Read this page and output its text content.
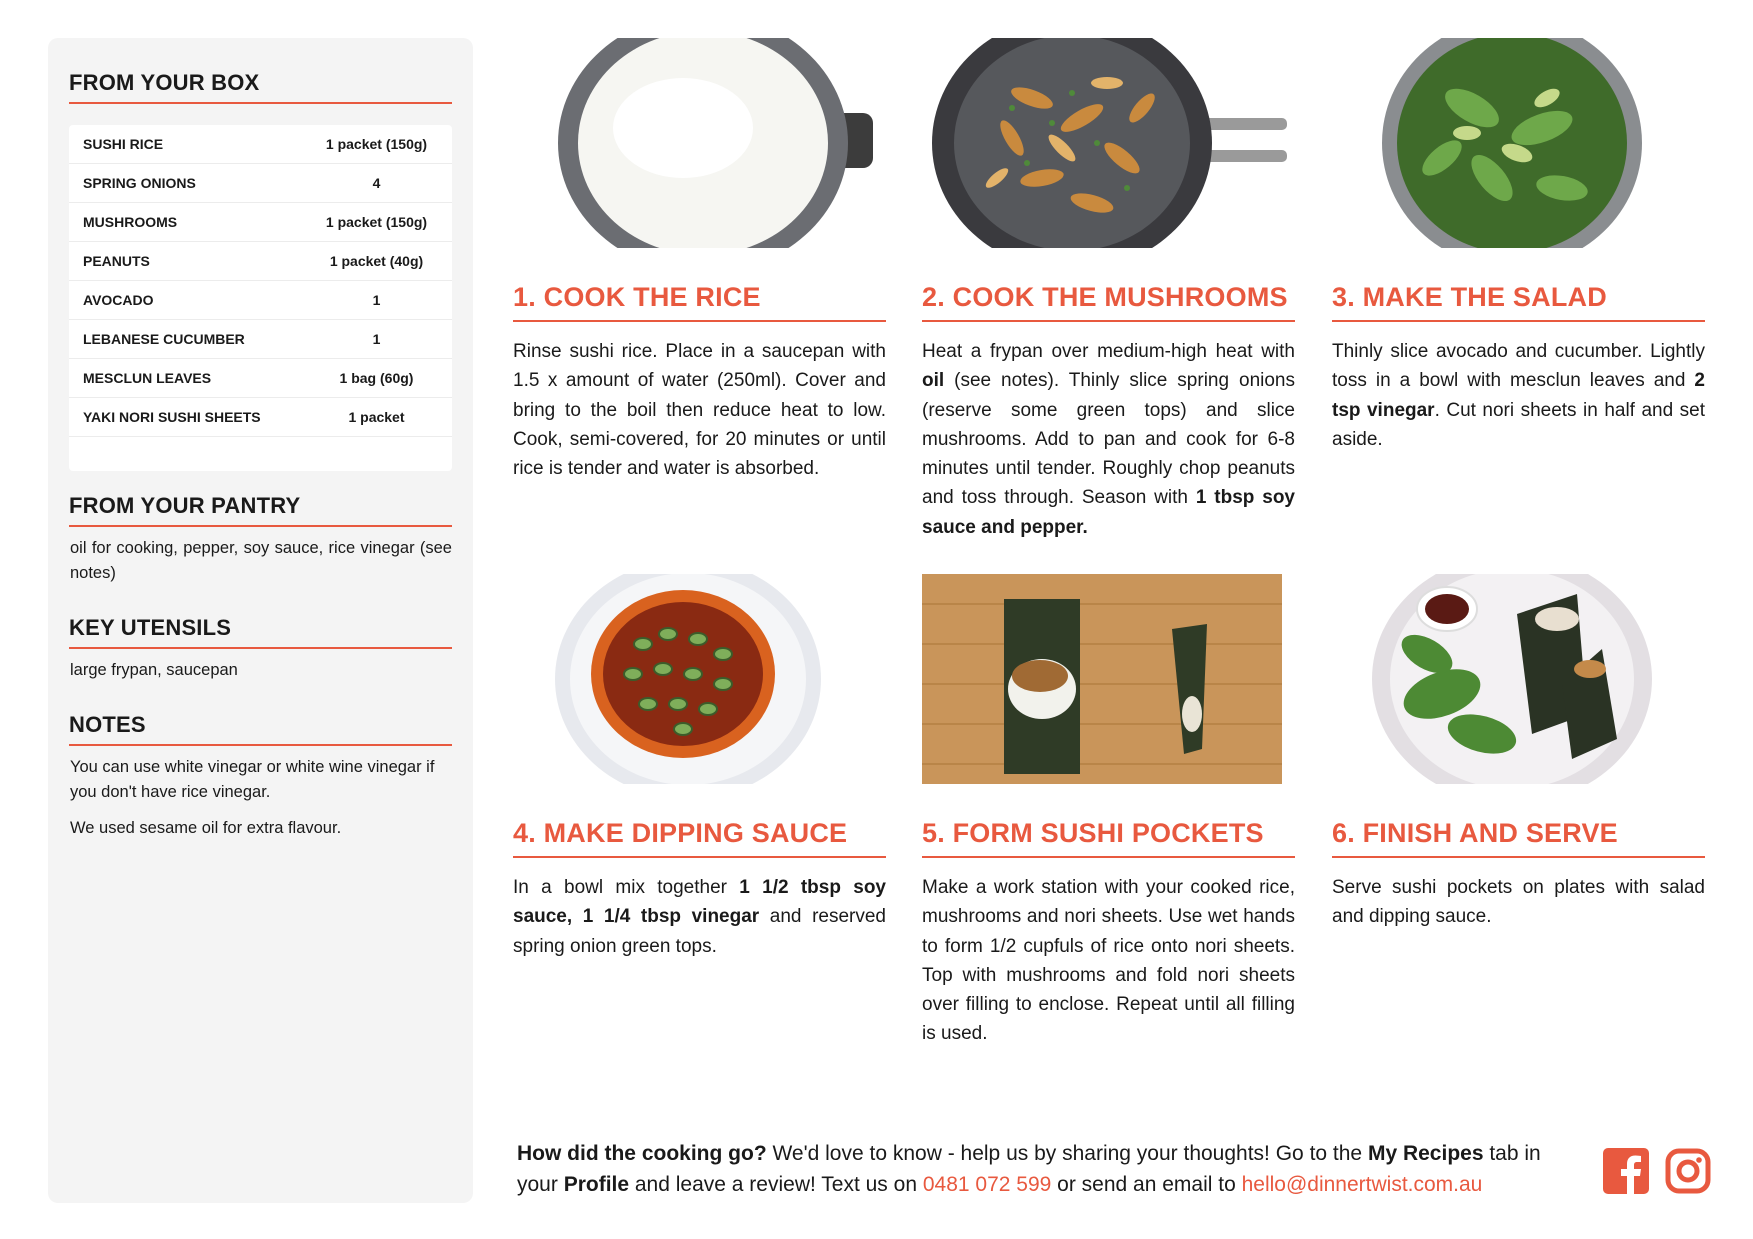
FROM YOUR BOX
SUSHI RICE	1 packet (150g)
SPRING ONIONS	4
MUSHROOMS	1 packet (150g)
PEANUTS	1 packet (40g)
AVOCADO	1
LEBANESE CUCUMBER	1
MESCLUN LEAVES	1 bag (60g)
YAKI NORI SUSHI SHEETS	1 packet
FROM YOUR PANTRY
oil for cooking, pepper, soy sauce, rice vinegar (see notes)
KEY UTENSILS
large frypan, saucepan
NOTES
You can use white vinegar or white wine vinegar if you don't have rice vinegar.
We used sesame oil for extra flavour.
1. COOK THE RICE
Rinse sushi rice. Place in a saucepan with 1.5 x amount of water (250ml). Cover and bring to the boil then reduce heat to low. Cook, semi-covered, for 20 minutes or until rice is tender and water is absorbed.
2. COOK THE MUSHROOMS
Heat a frypan over medium-high heat with oil (see notes). Thinly slice spring onions (reserve some green tops) and slice mushrooms. Add to pan and cook for 6-8 minutes until tender. Roughly chop peanuts and toss through. Season with 1 tbsp soy sauce and pepper.
3. MAKE THE SALAD
Thinly slice avocado and cucumber. Lightly toss in a bowl with mesclun leaves and 2 tsp vinegar. Cut nori sheets in half and set aside.
4. MAKE DIPPING SAUCE
In a bowl mix together 1 1/2 tbsp soy sauce, 1 1/4 tbsp vinegar and reserved spring onion green tops.
5. FORM SUSHI POCKETS
Make a work station with your cooked rice, mushrooms and nori sheets. Use wet hands to form 1/2 cupfuls of rice onto nori sheets. Top with mushrooms and fold nori sheets over filling to enclose. Repeat until all filling is used.
6. FINISH AND SERVE
Serve sushi pockets on plates with salad and dipping sauce.
How did the cooking go? We'd love to know - help us by sharing your thoughts! Go to the My Recipes tab in your Profile and leave a review! Text us on 0481 072 599 or send an email to hello@dinnertwist.com.au
